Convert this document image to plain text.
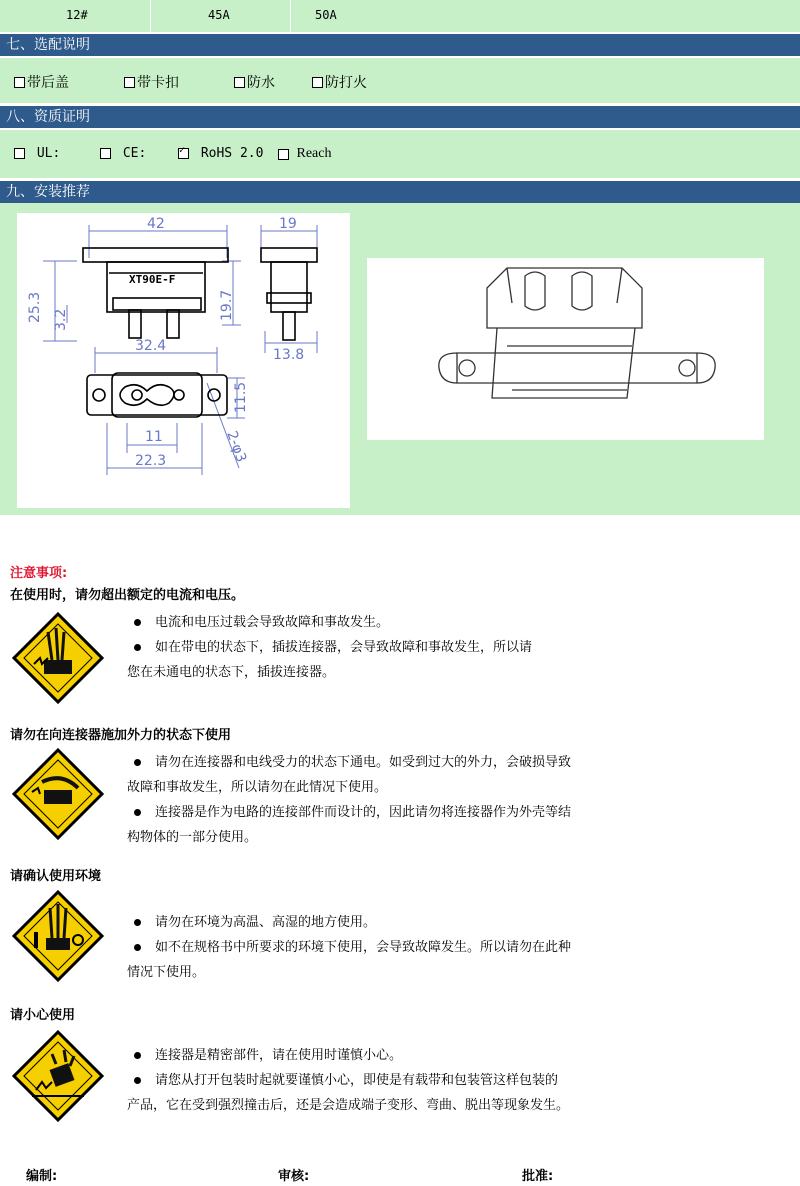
12#	45A	50A
七、选配说明
带后盖	带卡扣	防水	防打火
八、资质证明

UL:
	CE:
✓
	RoHS 2.0
Reach
九、安装推荐
42	19
25.3 3.2	19.7
13.8
32.4
11.5
11
22.3	2-φ3
XT90E-F
注意事项:
在使用时，请勿超出额定的电流和电压。
电流和电压过载会导致故障和事故发生。
如在带电的状态下，插拔连接器，会导致故障和事故发生，所以请
您在未通电的状态下，插拔连接器。
请勿在向连接器施加外力的状态下使用
请勿在连接器和电线受力的状态下通电。如受到过大的外力，会破损导致
故障和事故发生，所以请勿在此情况下使用。
连接器是作为电路的连接部件而设计的，因此请勿将连接器作为外壳等结
构物体的一部分使用。
请确认使用环境
请勿在环境为高温、高湿的地方使用。
如不在规格书中所要求的环境下使用，会导致故障发生。所以请勿在此种
情况下使用。
请小心使用
连接器是精密部件，请在使用时谨慎小心。
请您从打开包装时起就要谨慎小心，即使是有载带和包装管这样包装的
产品，它在受到强烈撞击后，还是会造成端子变形、弯曲、脱出等现象发生。
编制:	审核:	批准:
